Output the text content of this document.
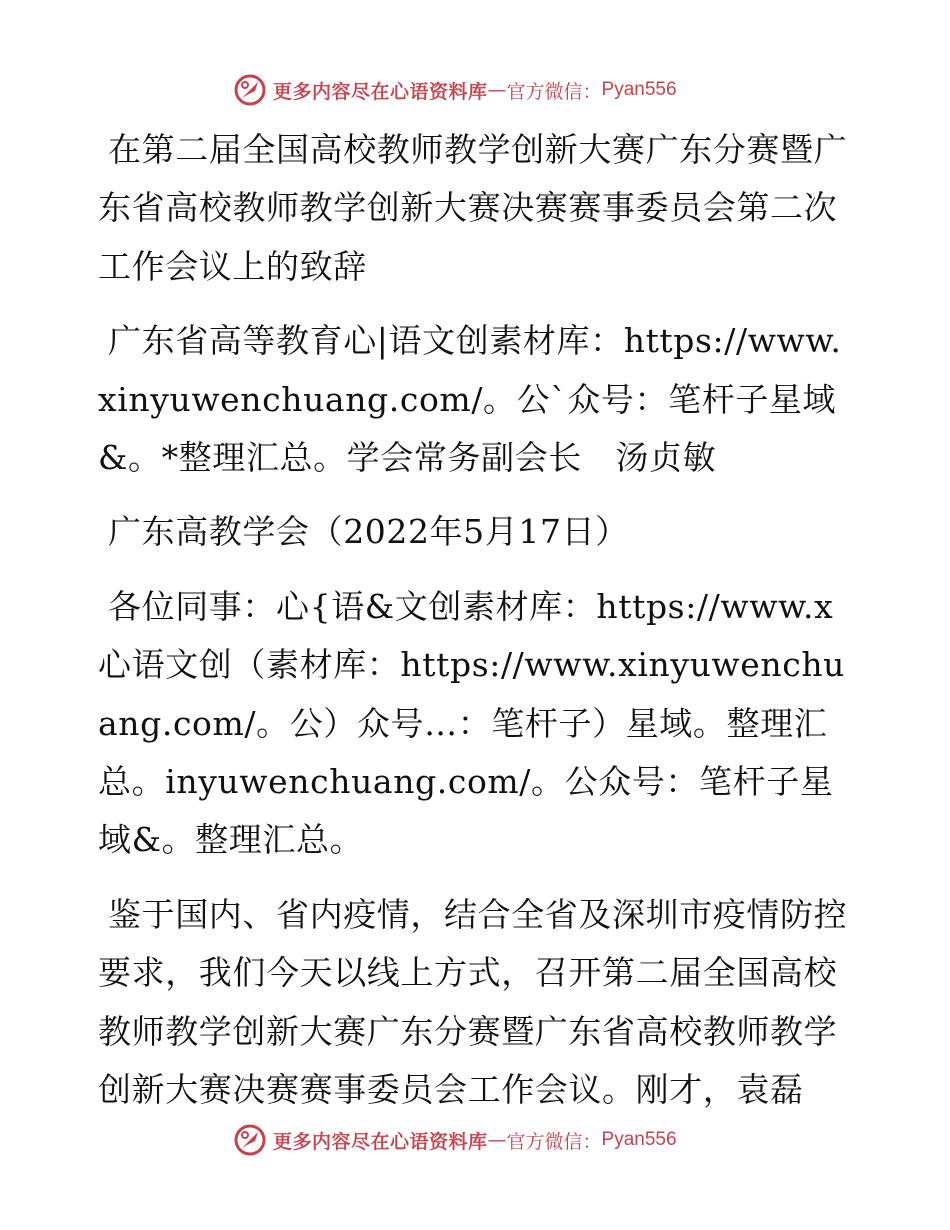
更多内容尽在心语资料库 — 官方微信： Pyan556

在第二届全国高校教师教学创新大赛广东分赛暨广东省高校教师教学创新大赛决赛赛事委员会第二次工作会议上的致辞

广东省高等教育心|语文创素材库：https://www.xinyuwenchuang.com/。公`众号：笔杆子星域&。*整理汇总。学会常务副会长　汤贞敏

广东高教学会（2022年5月17日）

各位同事：心{语&文创素材库：https://www.x心语文创（素材库：https://www.xinyuwenchuang.com/。公）众号…：笔杆子）星域。整理汇总。inyuwenchuang.com/。公众号：笔杆子星域&。整理汇总。

鉴于国内、省内疫情，结合全省及深圳市疫情防控要求，我们今天以线上方式，召开第二届全国高校教师教学创新大赛广东分赛暨广东省高校教师教学创新大赛决赛赛事委员会工作会议。刚才，袁磊

更多内容尽在心语资料库 — 官方微信： Pyan556
